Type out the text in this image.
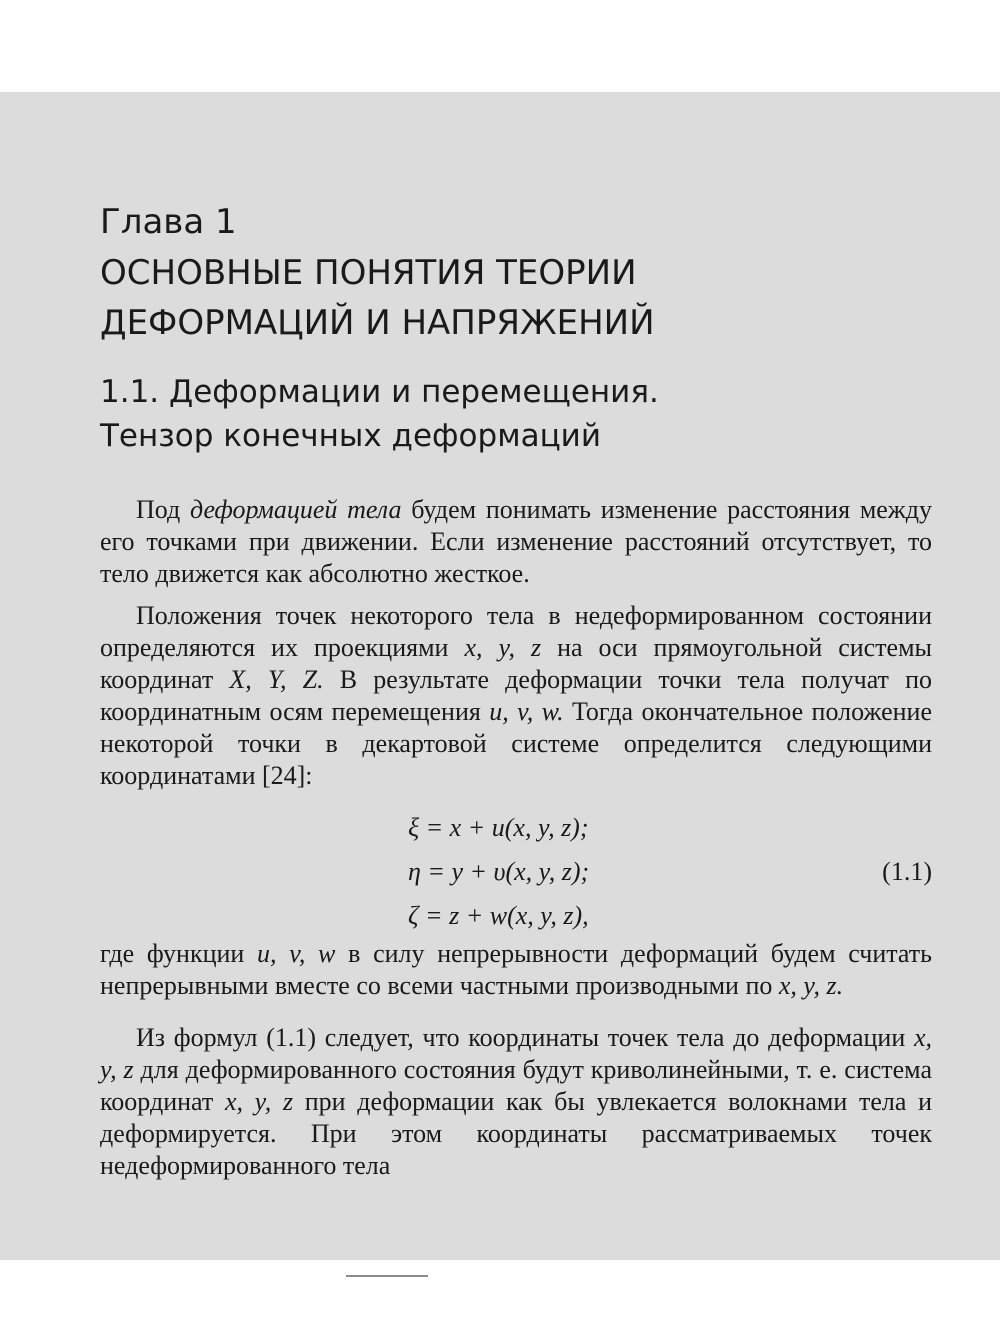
Глава 1
ОСНОВНЫЕ ПОНЯТИЯ ТЕОРИИ
ДЕФОРМАЦИЙ И НАПРЯЖЕНИЙ
1.1. Деформации и перемещения.
Тензор конечных деформаций

Под деформацией тела будем понимать изменение расстояния между его точками при движении. Если изменение расстояний отсутствует, то тело движется как абсолютно жесткое.

Положения точек некоторого тела в недеформированном состоянии определяются их проекциями x, y, z на оси прямоугольной системы координат X, Y, Z. В результате деформации точки тела получат по координатным осям перемещения u, v, w. Тогда окончательное положение некоторой точки в декартовой системе определится следующими координатами [24]:

ξ = x + u(x, y, z);
η = y + υ(x, y, z);
ζ = z + w(x, y, z),
(1.1)

где функции u, v, w в силу непрерывности деформаций будем считать непрерывными вместе со всеми частными производными по x, y, z.

Из формул (1.1) следует, что координаты точек тела до деформации x, y, z для деформированного состояния будут криволинейными, т. е. система координат x, y, z при деформации как бы увлекается волокнами тела и деформируется. При этом координаты рассматриваемых точек недеформированного тела
